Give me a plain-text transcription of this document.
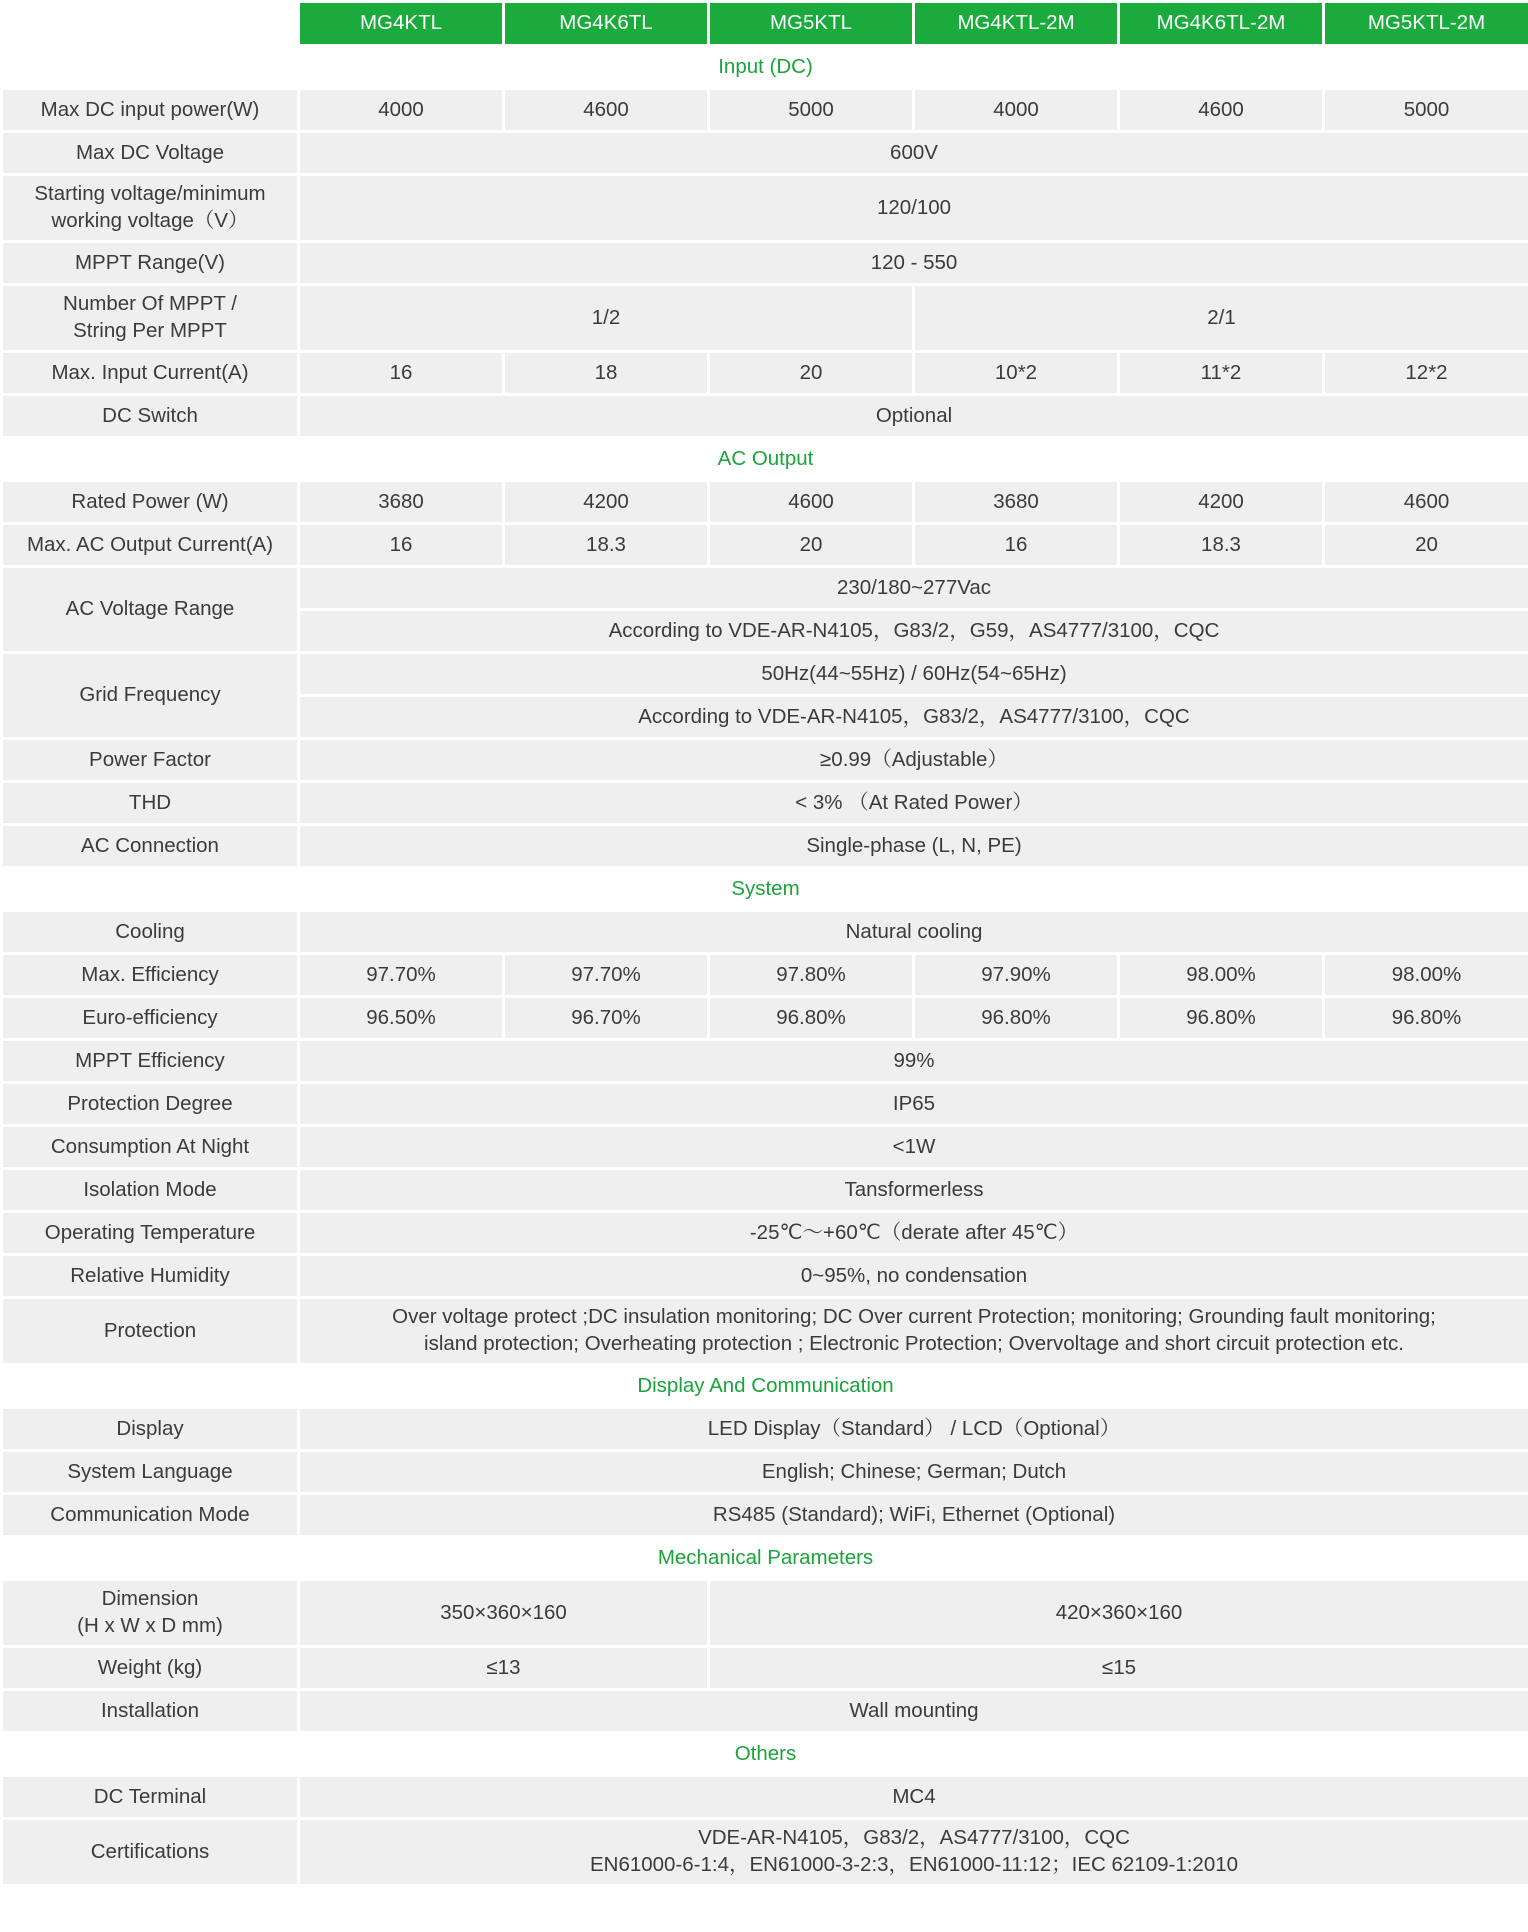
	MG4KTL	MG4K6TL	MG5KTL	MG4KTL-2M	MG4K6TL-2M	MG5KTL-2M
Input (DC)						
Max DC input power(W)	4000	4600	5000	4000	4600	5000
Max DC Voltage	600V					
Starting voltage/minimum
working voltage（V）	120/100					
MPPT Range(V)	120 - 550					
Number Of MPPT /
String Per MPPT	1/2			2/1		
Max. Input Current(A)	16	18	20	10*2	11*2	12*2
DC Switch	Optional					
AC Output						
Rated Power (W)	3680	4200	4600	3680	4200	4600
Max. AC Output Current(A)	16	18.3	20	16	18.3	20
AC Voltage Range	230/180~277Vac					
	According to VDE-AR-N4105，G83/2，G59，AS4777/3100，CQC					
Grid Frequency	50Hz(44~55Hz) / 60Hz(54~65Hz)					
	According to VDE-AR-N4105，G83/2，AS4777/3100，CQC					
Power Factor	≥0.99（Adjustable）					
THD	< 3% （At Rated Power）					
AC Connection	Single-phase (L, N, PE)					
System						
Cooling	Natural cooling					
Max. Efficiency	97.70%	97.70%	97.80%	97.90%	98.00%	98.00%
Euro-efficiency	96.50%	96.70%	96.80%	96.80%	96.80%	96.80%
MPPT Efficiency	99%					
Protection Degree	IP65					
Consumption At Night	<1W					
Isolation Mode	Tansformerless					
Operating Temperature	-25℃～+60℃（derate after 45℃）					
Relative Humidity	0~95%, no condensation					
Protection	Over voltage protect ;DC insulation monitoring; DC Over current Protection; monitoring; Grounding fault monitoring;
island protection; Overheating protection ; Electronic Protection; Overvoltage and short circuit protection etc.					
Display And Communication						
Display	LED Display（Standard） / LCD（Optional）					
System Language	English; Chinese; German; Dutch					
Communication Mode	RS485 (Standard); WiFi, Ethernet (Optional)					
Mechanical Parameters						
Dimension
(H x W x D mm)	350×360×160		420×360×160			
Weight (kg)	≤13		≤15			
Installation	Wall mounting					
Others						
DC Terminal	MC4					
Certifications	VDE-AR-N4105，G83/2，AS4777/3100，CQC
EN61000-6-1:4，EN61000-3-2:3，EN61000-11:12；IEC 62109-1:2010					
